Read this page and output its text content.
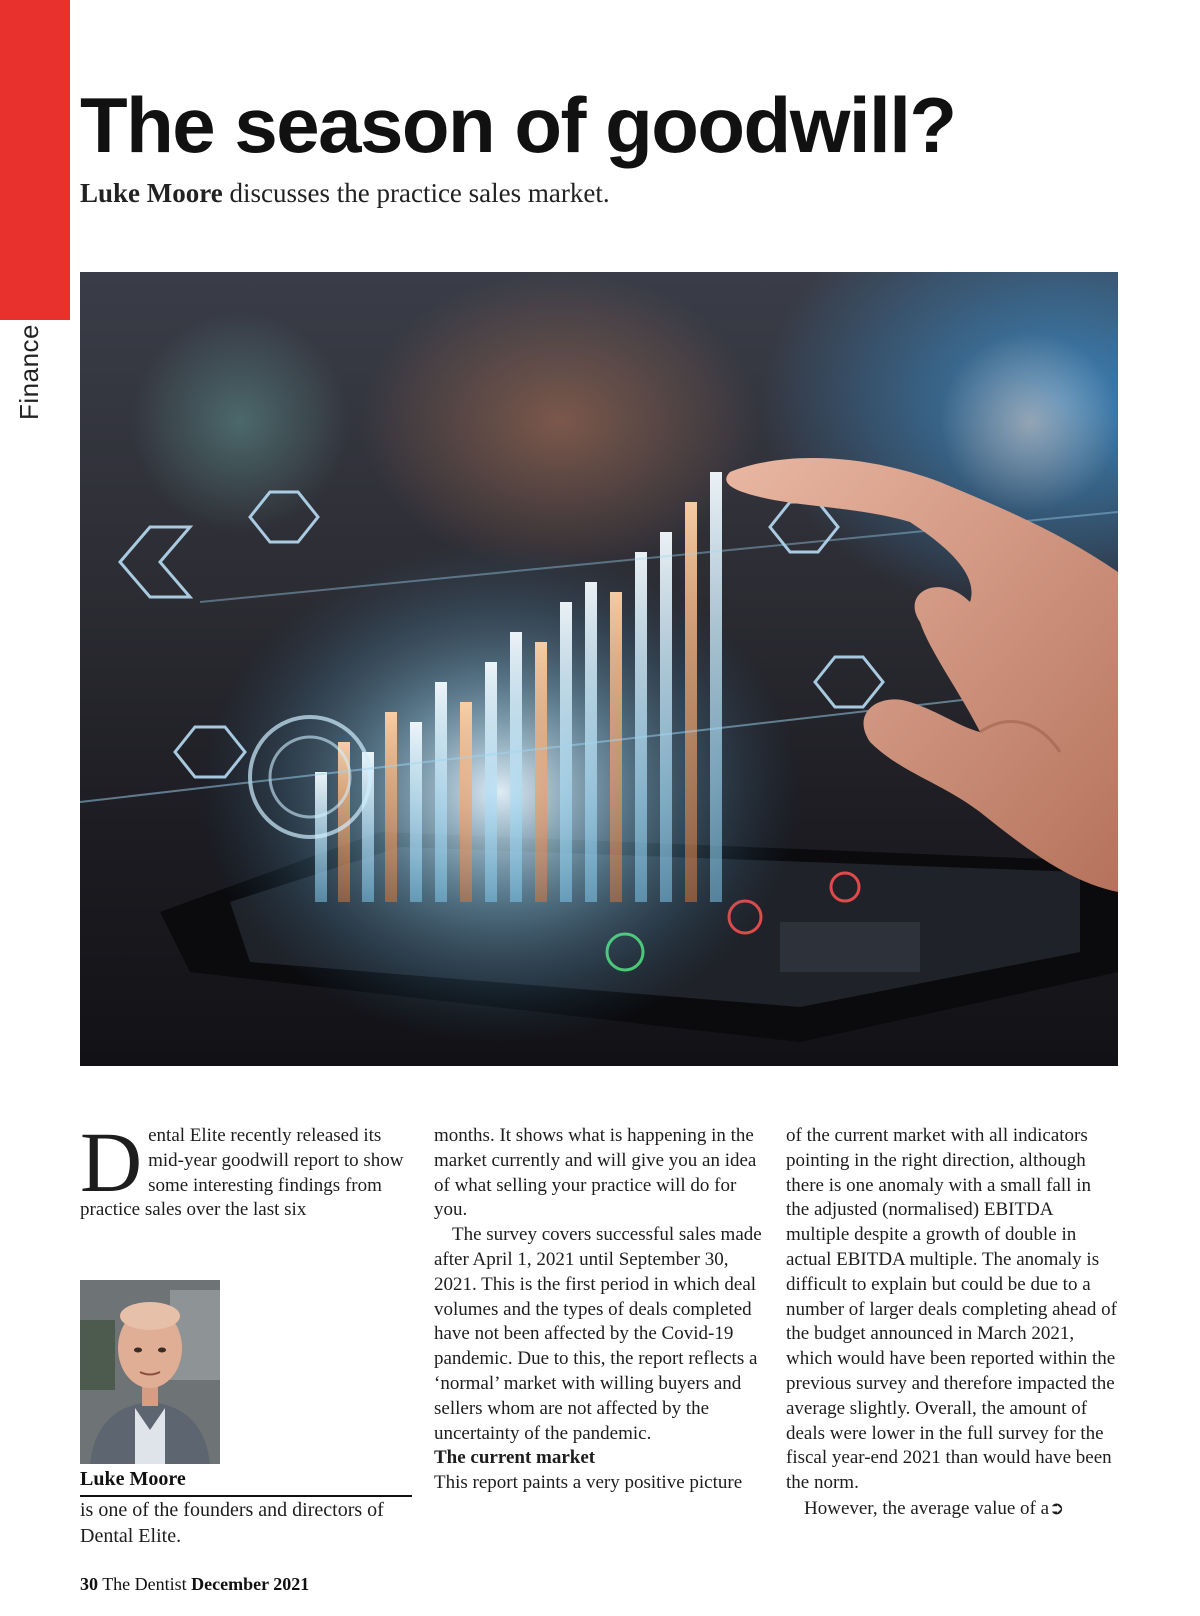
Finance
The season of goodwill?
Luke Moore discusses the practice sales market.

Dental Elite recently released its mid-year goodwill report to show some interesting findings from practice sales over the last six

Luke Moore
is one of the founders and directors of Dental Elite.

months. It shows what is happening in the market currently and will give you an idea of what selling your practice will do for you.

The survey covers successful sales made after April 1, 2021 until September 30, 2021. This is the first period in which deal volumes and the types of deals completed have not been affected by the Covid-19 pandemic. Due to this, the report reflects a ‘normal’ market with willing buyers and sellers whom are not affected by the uncertainty of the pandemic.

The current market

This report paints a very positive picture

of the current market with all indicators pointing in the right direction, although there is one anomaly with a small fall in the adjusted (normalised) EBITDA multiple despite a growth of double in actual EBITDA multiple. The anomaly is difficult to explain but could be due to a number of larger deals completing ahead of the budget announced in March 2021, which would have been reported within the previous survey and therefore impacted the average slightly. Overall, the amount of deals were lower in the full survey for the fiscal year-end 2021 than would have been the norm.

However, the average value of a➲

30 The Dentist December 2021
